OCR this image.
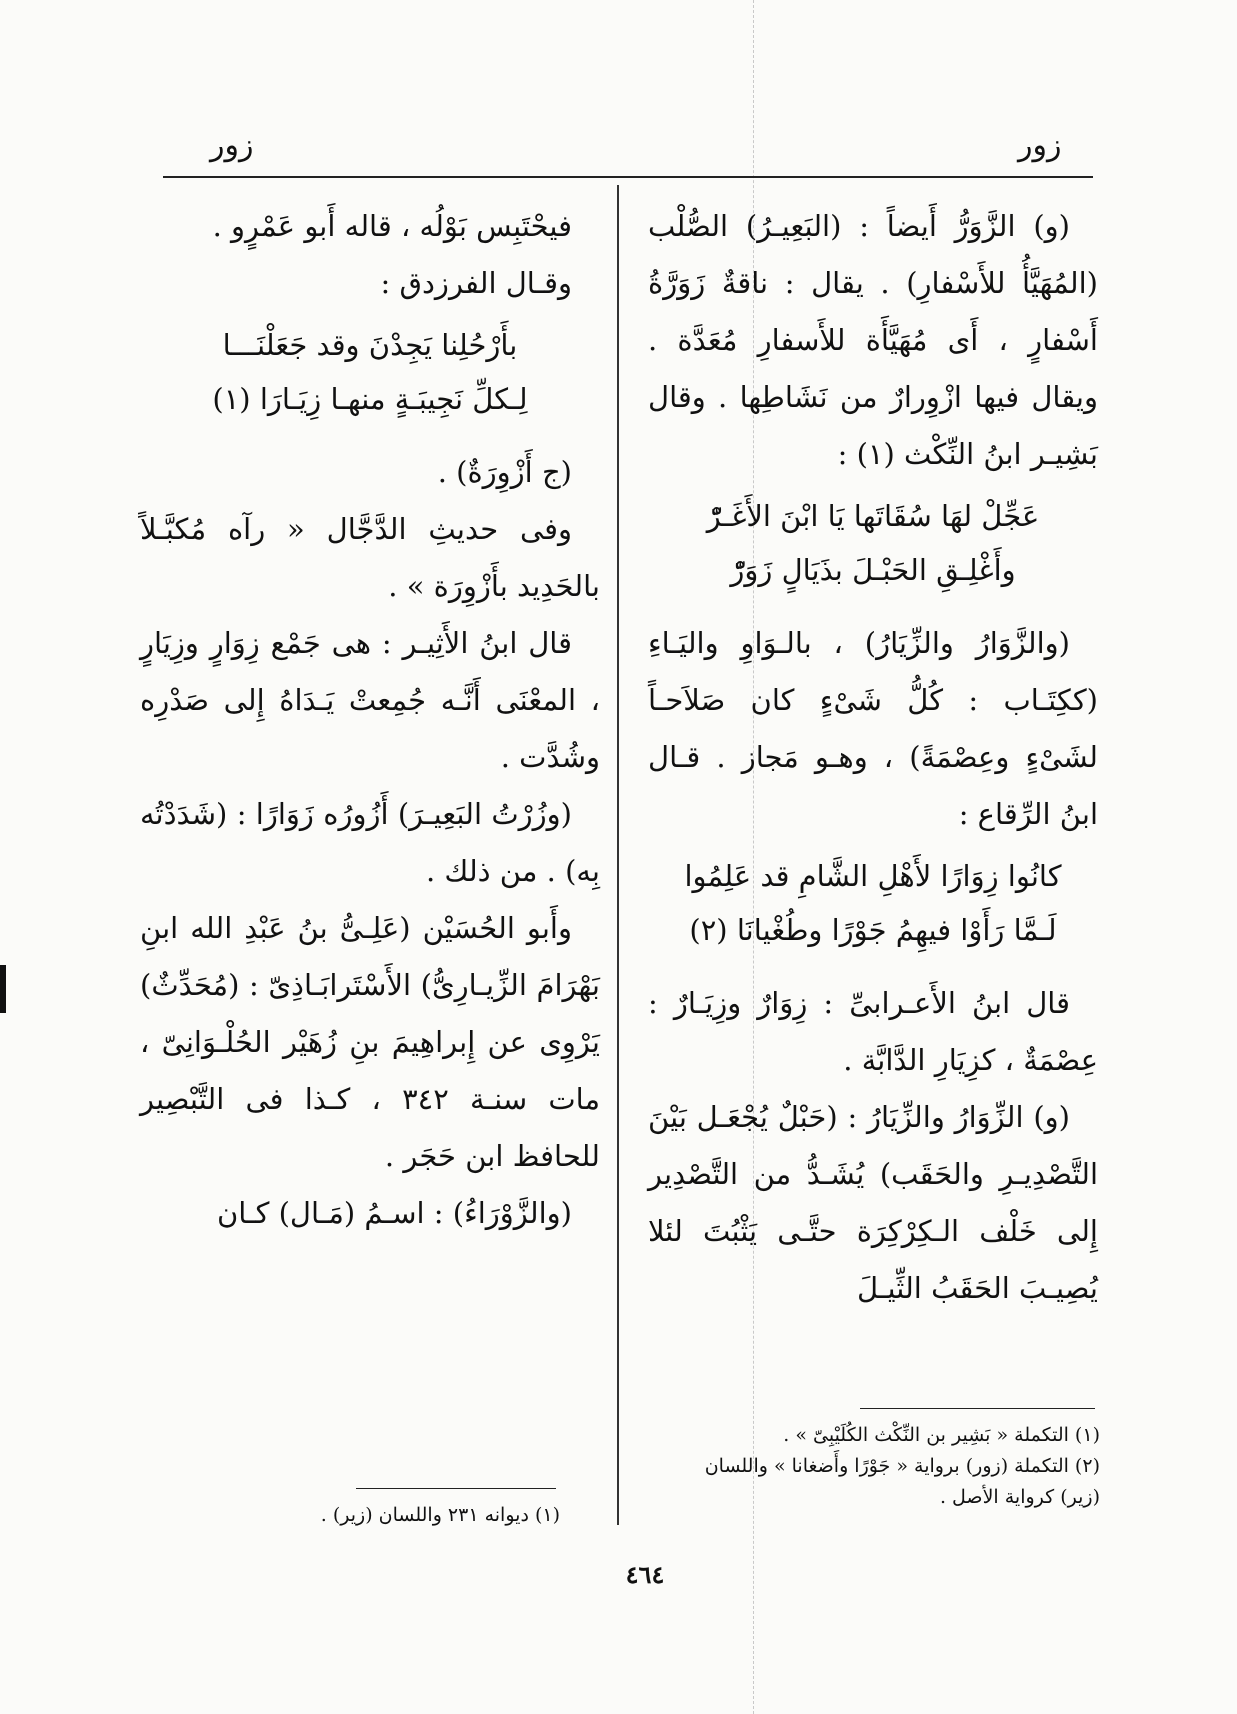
زور
زور

(و) الزَّوَرُّ أَيضاً : (البَعِيـرُ) الصُّلْب (المُهَيَّأُ للأَسْفارِ) . يقال : ناقةٌ زَوَرَّةُ أَسْفارٍ ، أَى مُهَيَّأَة للأَسفارِ مُعَدَّة . ويقال فيها ازْوِرارٌ من نَشَاطِها . وقال بَشِيـر ابنُ النِّكْث (١) :

عَجِّلْ لهَا سُقَاتَها يَا ابْنَ الأَغَـرّْ

وأَغْلِـقِ الحَبْـلَ بذَيَالٍ زَوَرّْ

(والزَّوَارُ والزِّيَارُ) ، بالـوَاوِ واليَـاءِ (ككِتَـاب : كُلُّ شَىْءٍ كان صَلاَحـاً لشَىْءٍ وعِصْمَةً) ، وهـو مَجاز . قـال ابنُ الرِّقاع :

كانُوا زِوَارًا لأَهْلِ الشَّامِ قد عَلِمُوا

لَـمَّا رَأَوْا فيهِمُ جَوْرًا وطُغْيانَا (٢)

قال ابنُ الأَعـرابىِّ : زِوَارٌ وزِيَـارٌ : عِصْمَةٌ ، كزِيَارِ الدَّابَّة .

(و) الزِّوَارُ والزِّيَارُ : (حَبْلٌ يُجْعَـل بَيْنَ التَّصْدِيـرِ والحَقَب) يُشَـدُّ من التَّصْدِير إِلى خَلْف الـكِرْكِرَة حتَّـى يَثْبُتَ لئلا يُصِيـبَ الحَقَبُ الثِّيـلَ

فيحْتَبِس بَوْلُه ، قاله أَبو عَمْرٍو .

وقـال الفرزدق :

بأَرْحُلِنا يَجِدْنَ وقد جَعَلْنَـــا

لِـكلِّ نَجِيبَـةٍ منهـا زِيَـارَا (١)

(ج أَزْوِرَةٌ) .

وفى حديثِ الدَّجَّال « رآه مُكبَّـلاً بالحَدِيد بأَزْوِرَة » .

قال ابنُ الأَثِيـر : هى جَمْع زِوَارٍ وزِيَارٍ ، المعْنَى أَنَّـه جُمِعتْ يَـدَاهُ إِلى صَدْرِه وشُدَّت .

(وزُرْتُ البَعِيـرَ) أَزُورُه زَوَارًا : (شَدَدْتُه بِه) . من ذلك .

وأَبو الحُسَيْن (عَلِـىُّ بنُ عَبْدِ الله ابنِ بَهْرَامَ الزِّيـارِىُّ) الأَسْتَرابَـاذِىّ : (مُحَدِّثٌ) يَرْوِى عن إِبراهِيمَ بنِ زُهَيْر الحُلْـوَانِىّ ، مات سنـة ٣٤٢ ، كـذا فى التَّبْصِير للحافظ ابن حَجَر .

(والزَّوْرَاءُ) : اسـمُ (مَـال) كـان

(١) التكملة « بَشِير بن النِّكْث الكُلَيْبِىّ » .
(٢) التكملة (زور) برواية « جَوْرًا وأَضغانا » واللسان (زير) كرواية الأصل .
(١) ديوانه ٢٣١ واللسان (زير) .
٤٦٤
